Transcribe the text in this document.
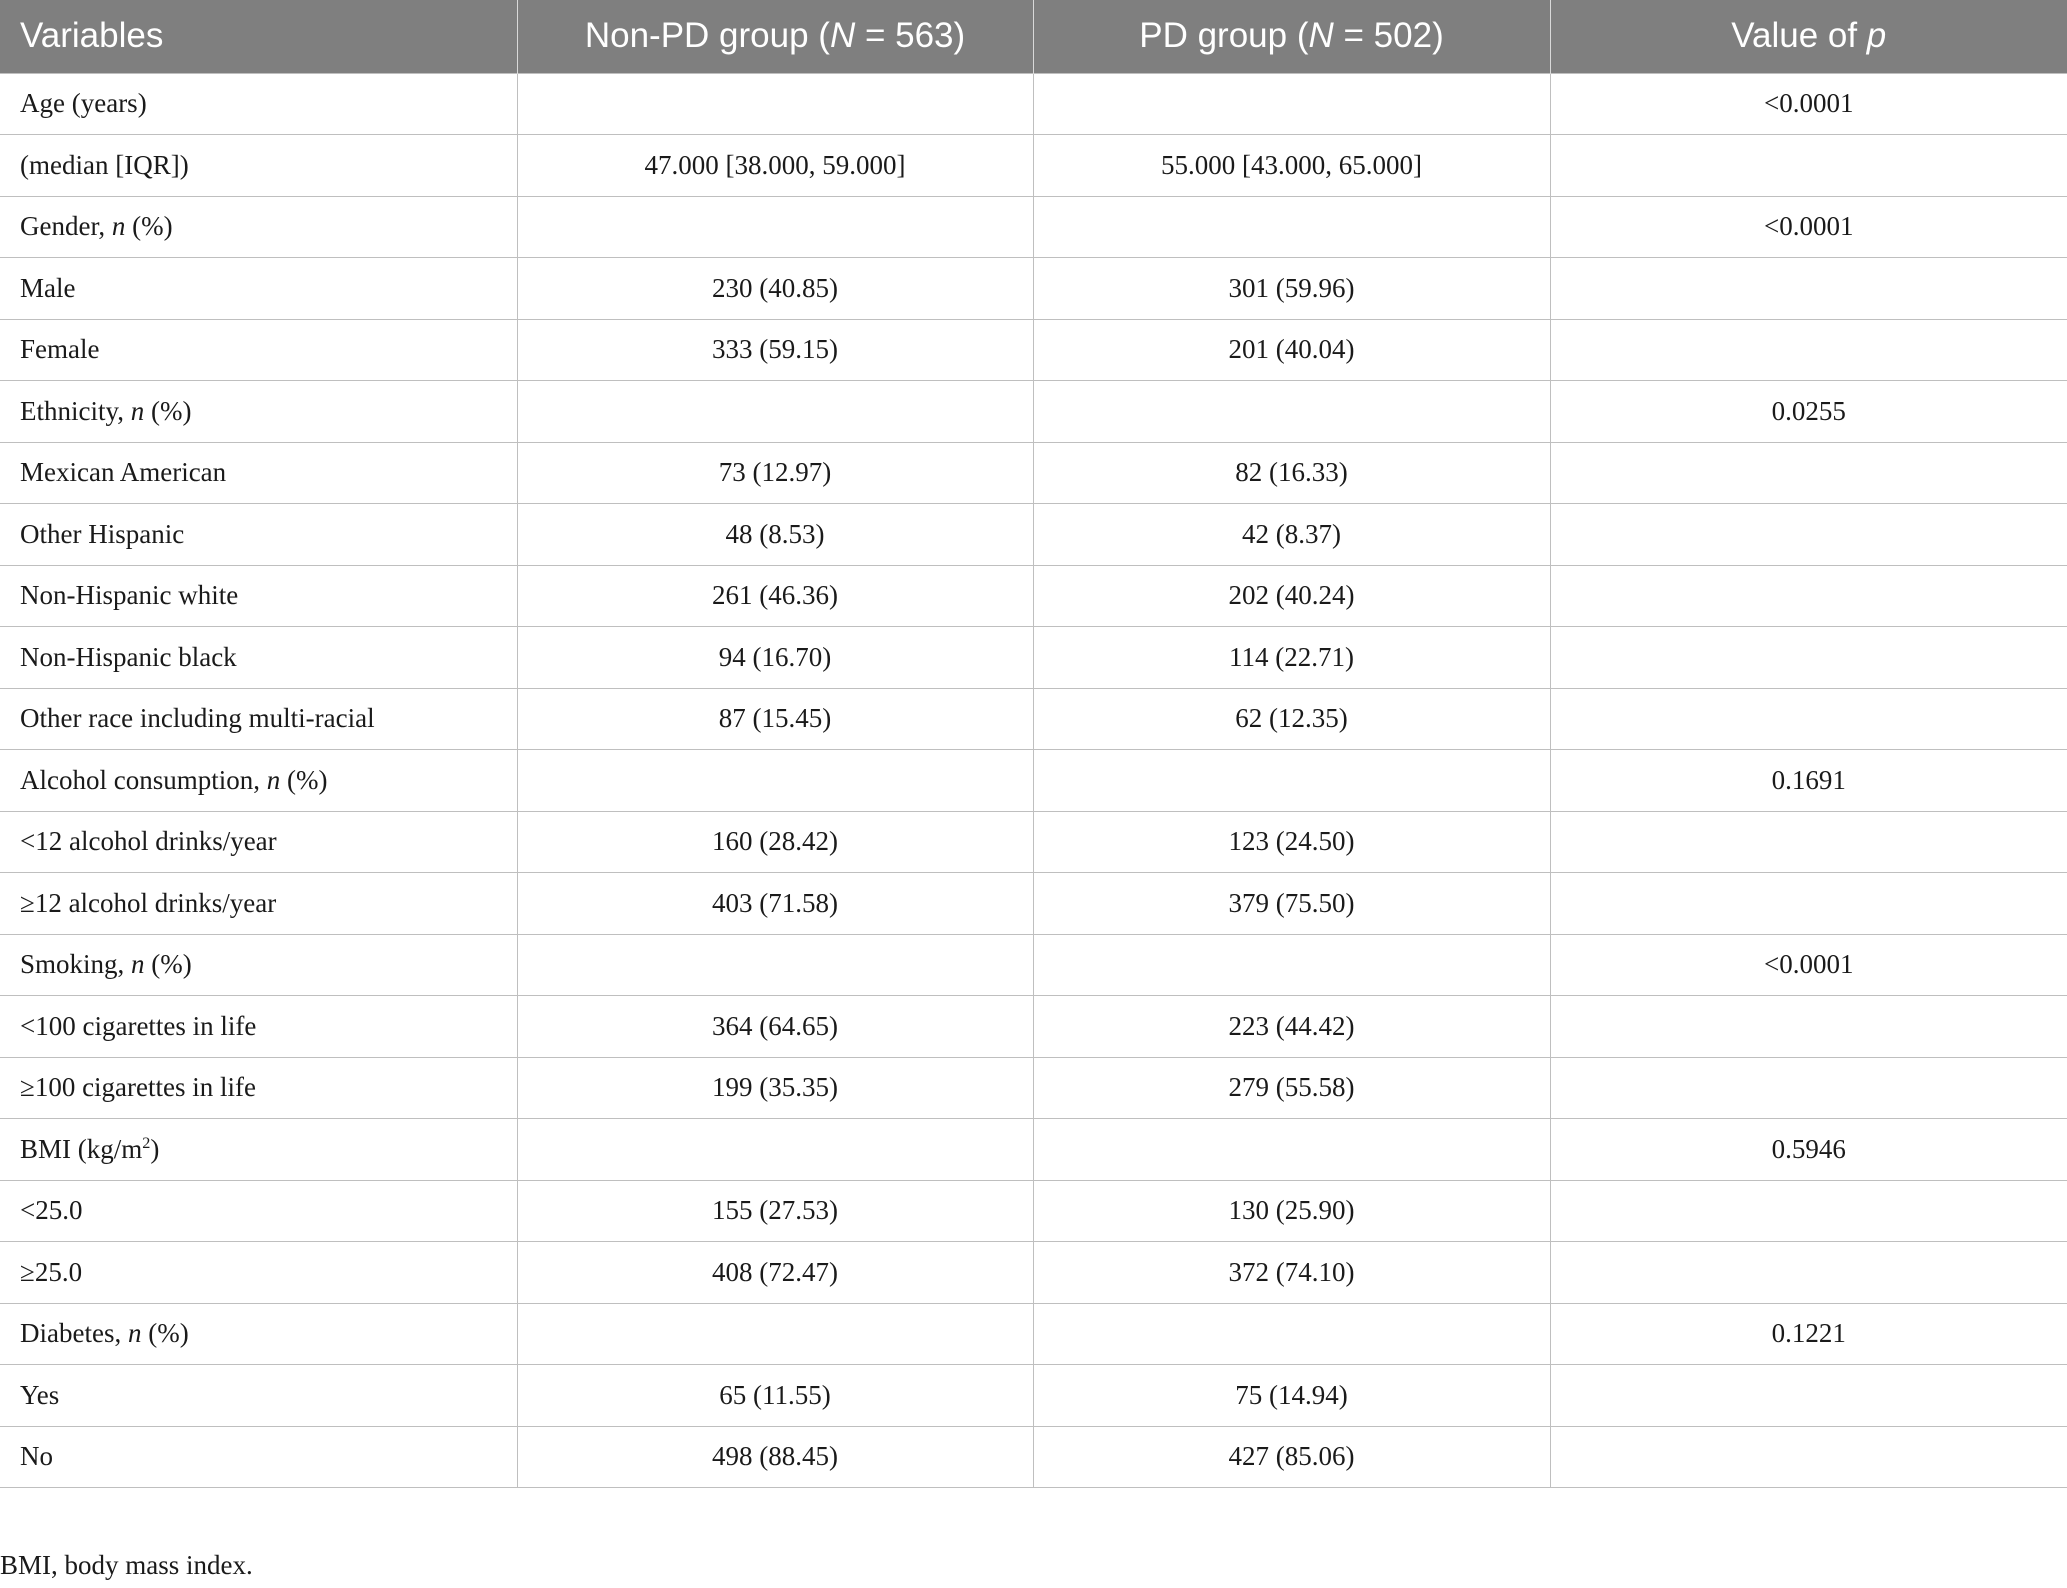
Variables	Non-PD group (N = 563)	PD group (N = 502)	Value of p
Age (years)			<0.0001
(median [IQR])	47.000 [38.000, 59.000]	55.000 [43.000, 65.000]	
Gender, n (%)			<0.0001
Male	230 (40.85)	301 (59.96)	
Female	333 (59.15)	201 (40.04)	
Ethnicity, n (%)			0.0255
Mexican American	73 (12.97)	82 (16.33)	
Other Hispanic	48 (8.53)	42 (8.37)	
Non-Hispanic white	261 (46.36)	202 (40.24)	
Non-Hispanic black	94 (16.70)	114 (22.71)	
Other race including multi-racial	87 (15.45)	62 (12.35)	
Alcohol consumption, n (%)			0.1691
<12 alcohol drinks/year	160 (28.42)	123 (24.50)	
≥12 alcohol drinks/year	403 (71.58)	379 (75.50)	
Smoking, n (%)			<0.0001
<100 cigarettes in life	364 (64.65)	223 (44.42)	
≥100 cigarettes in life	199 (35.35)	279 (55.58)	
BMI $(kg/m^2)$			0.5946
<25.0	155 (27.53)	130 (25.90)	
≥25.0	408 (72.47)	372 (74.10)	
Diabetes, n (%)			0.1221
Yes	65 (11.55)	75 (14.94)	
No	498 (88.45)	427 (85.06)	
BMI, body mass index.
